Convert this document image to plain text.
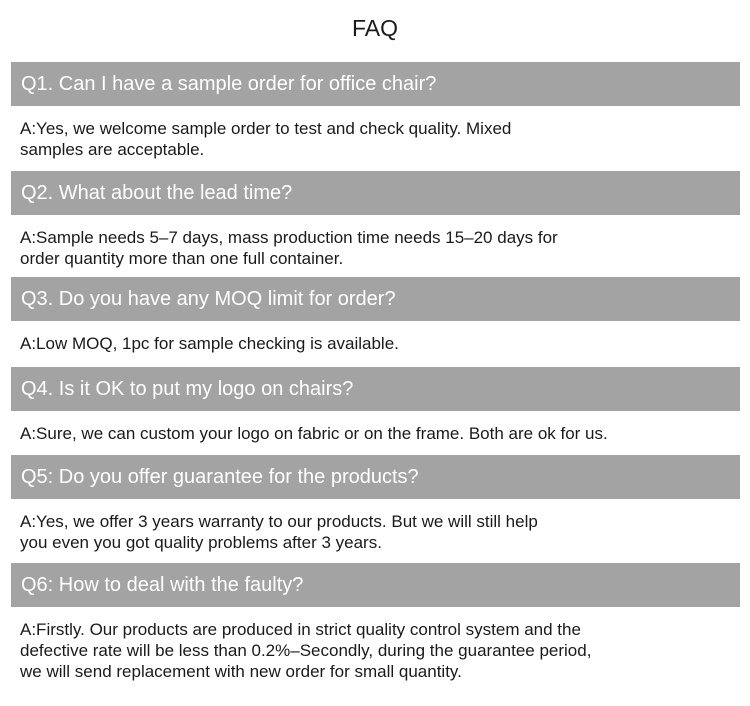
FAQ
Q1. Can I have a sample order for office chair?
A:Yes, we welcome sample order to test and check quality. Mixed
samples are acceptable.
Q2. What about the lead time?
A:Sample needs 5–7 days, mass production time needs 15–20 days for
order quantity more than one full container.
Q3. Do you have any MOQ limit for order?
A:Low MOQ, 1pc for sample checking is available.
Q4. Is it OK to put my logo on chairs?
A:Sure, we can custom your logo on fabric or on the frame. Both are ok for us.
Q5: Do you offer guarantee for the products?
A:Yes, we offer 3 years warranty to our products. But we will still help
you even you got quality problems after 3 years.
Q6: How to deal with the faulty?
A:Firstly. Our products are produced in strict quality control system and the
defective rate will be less than 0.2%–Secondly, during the guarantee period,
we will send replacement with new order for small quantity.
